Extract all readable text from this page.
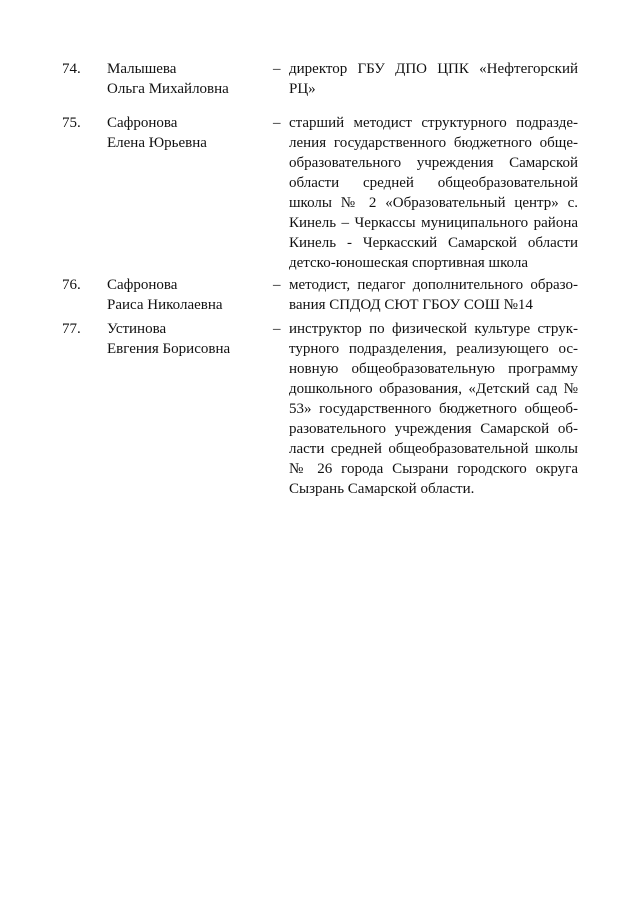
74. Малышева
Ольга Михайловна
– директор ГБУ ДПО ЦПК «Нефтегорский
РЦ»
75. Сафронова
Елена Юрьевна
– старший методист структурного подразде-
ления государственного бюджетного обще-
образовательного учреждения Самарской
области средней общеобразовательной
школы № 2 «Образовательный центр» с.
Кинель – Черкассы муниципального района
Кинель - Черкасский Самарской области
детско-юношеская спортивная школа
76. Сафронова
Раиса Николаевна
– методист, педагог дополнительного образо-
вания СПДОД СЮТ ГБОУ СОШ №14
77. Устинова
Евгения Борисовна
– инструктор по физической культуре струк-
турного подразделения, реализующего ос-
новную общеобразовательную программу
дошкольного образования, «Детский сад №
53» государственного бюджетного общеоб-
разовательного учреждения Самарской об-
ласти средней общеобразовательной школы
№ 26 города Сызрани городского округа
Сызрань Самарской области.
